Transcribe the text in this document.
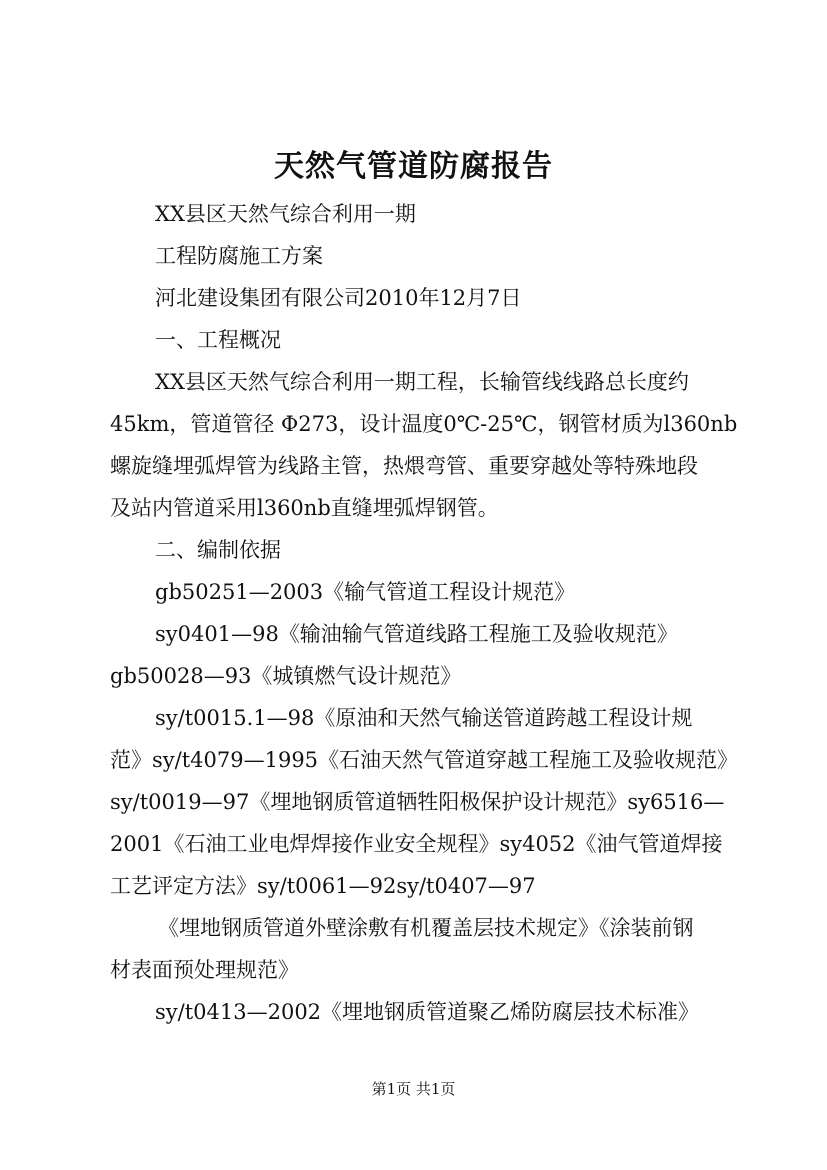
天然气管道防腐报告
XX县区天然气综合利用一期
工程防腐施工方案
河北建设集团有限公司2010年12月7日
一、工程概况
XX县区天然气综合利用一期工程，长输管线线路总长度约
45km，管道管径 Φ273，设计温度0℃-25℃，钢管材质为l360nb
螺旋缝埋弧焊管为线路主管，热煨弯管、重要穿越处等特殊地段
及站内管道采用l360nb直缝埋弧焊钢管。
二、编制依据
gb50251—2003《输气管道工程设计规范》
sy0401—98《输油输气管道线路工程施工及验收规范》
gb50028—93《城镇燃气设计规范》
sy/t0015.1—98《原油和天然气输送管道跨越工程设计规
范》sy/t4079—1995《石油天然气管道穿越工程施工及验收规范》
sy/t0019—97《埋地钢质管道牺牲阳极保护设计规范》sy6516—
2001《石油工业电焊焊接作业安全规程》sy4052《油气管道焊接
工艺评定方法》sy/t0061—92sy/t0407—97
《埋地钢质管道外壁涂敷有机覆盖层技术规定》《涂装前钢
材表面预处理规范》
sy/t0413—2002《埋地钢质管道聚乙烯防腐层技术标准》
第1页 共1页
